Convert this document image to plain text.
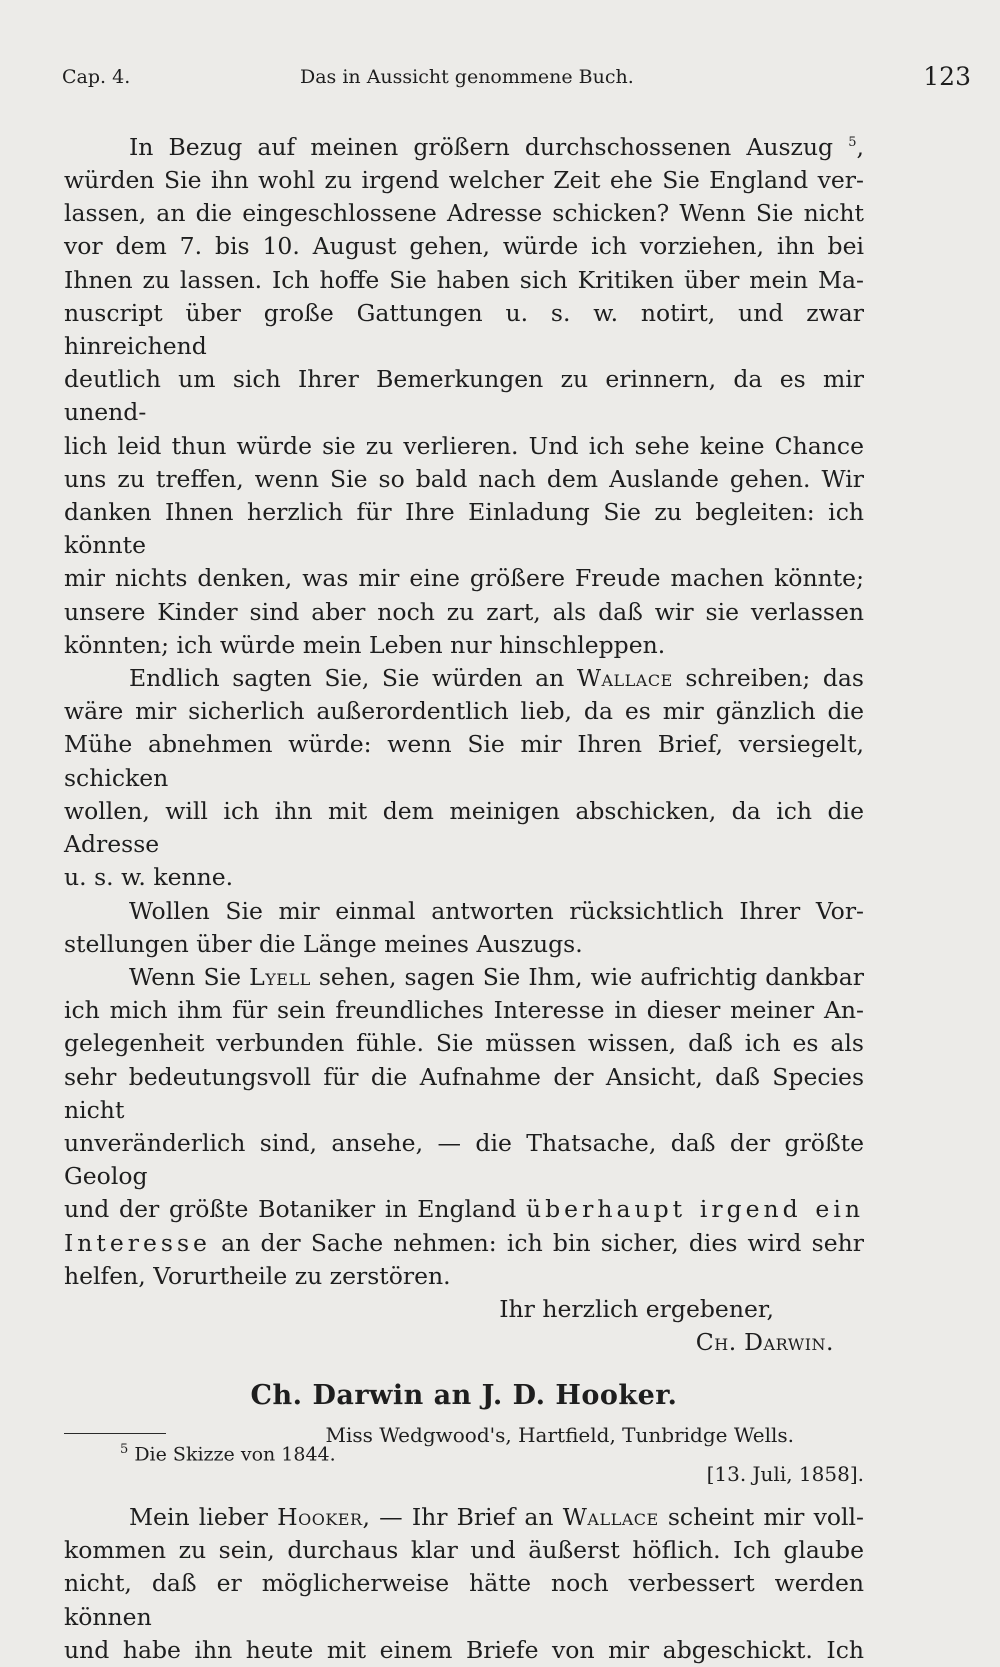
Cap. 4.	Das in Aussicht genommene Buch.	123

In Bezug auf meinen größern durchschossenen Auszug $^5$,
würden Sie ihn wohl zu irgend welcher Zeit ehe Sie England ver-
lassen, an die eingeschlossene Adresse schicken? Wenn Sie nicht
vor dem 7. bis 10. August gehen, würde ich vorziehen, ihn bei
Ihnen zu lassen. Ich hoffe Sie haben sich Kritiken über mein Ma-
nuscript über große Gattungen u. s. w. notirt, und zwar hinreichend
deutlich um sich Ihrer Bemerkungen zu erinnern, da es mir unend-
lich leid thun würde sie zu verlieren. Und ich sehe keine Chance
uns zu treffen, wenn Sie so bald nach dem Auslande gehen. Wir
danken Ihnen herzlich für Ihre Einladung Sie zu begleiten: ich könnte
mir nichts denken, was mir eine größere Freude machen könnte;
unsere Kinder sind aber noch zu zart, als daß wir sie verlassen
könnten; ich würde mein Leben nur hinschleppen.

Endlich sagten Sie, Sie würden an Wallace schreiben; das
wäre mir sicherlich außerordentlich lieb, da es mir gänzlich die
Mühe abnehmen würde: wenn Sie mir Ihren Brief, versiegelt, schicken
wollen, will ich ihn mit dem meinigen abschicken, da ich die Adresse
u. s. w. kenne.

Wollen Sie mir einmal antworten rücksichtlich Ihrer Vor-
stellungen über die Länge meines Auszugs.

Wenn Sie Lyell sehen, sagen Sie Ihm, wie aufrichtig dankbar
ich mich ihm für sein freundliches Interesse in dieser meiner An-
gelegenheit verbunden fühle. Sie müssen wissen, daß ich es als
sehr bedeutungsvoll für die Aufnahme der Ansicht, daß Species nicht
unveränderlich sind, ansehe, — die Thatsache, daß der größte Geolog
und der größte Botaniker in England überhaupt irgend ein
Interesse an der Sache nehmen: ich bin sicher, dies wird sehr
helfen, Vorurtheile zu zerstören.

Ihr herzlich ergebener,
Ch. Darwin.
Ch. Darwin an J. D. Hooker.
Miss Wedgwood's, Hartfield, Tunbridge Wells.
[13. Juli, 1858].

Mein lieber Hooker, — Ihr Brief an Wallace scheint mir voll-
kommen zu sein, durchaus klar und äußerst höflich. Ich glaube
nicht, daß er möglicherweise hätte noch verbessert werden können
und habe ihn heute mit einem Briefe von mir abgeschickt. Ich

$^5$ Die Skizze von 1844.
